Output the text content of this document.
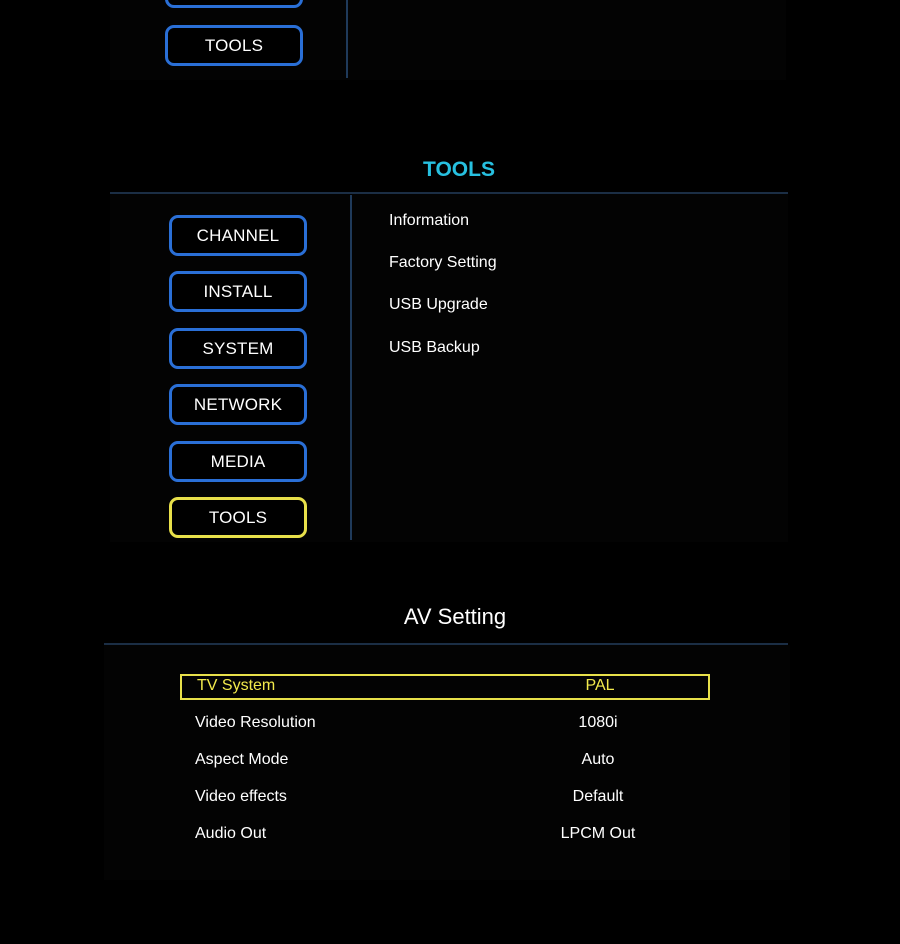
TOOLS
TOOLS
CHANNEL
INSTALL
SYSTEM
NETWORK
MEDIA
TOOLS
Information
Factory Setting
USB Upgrade
USB Backup
AV Setting
TV System	PAL
Video Resolution	1080i
Aspect Mode	Auto
Video effects	Default
Audio Out	LPCM Out
